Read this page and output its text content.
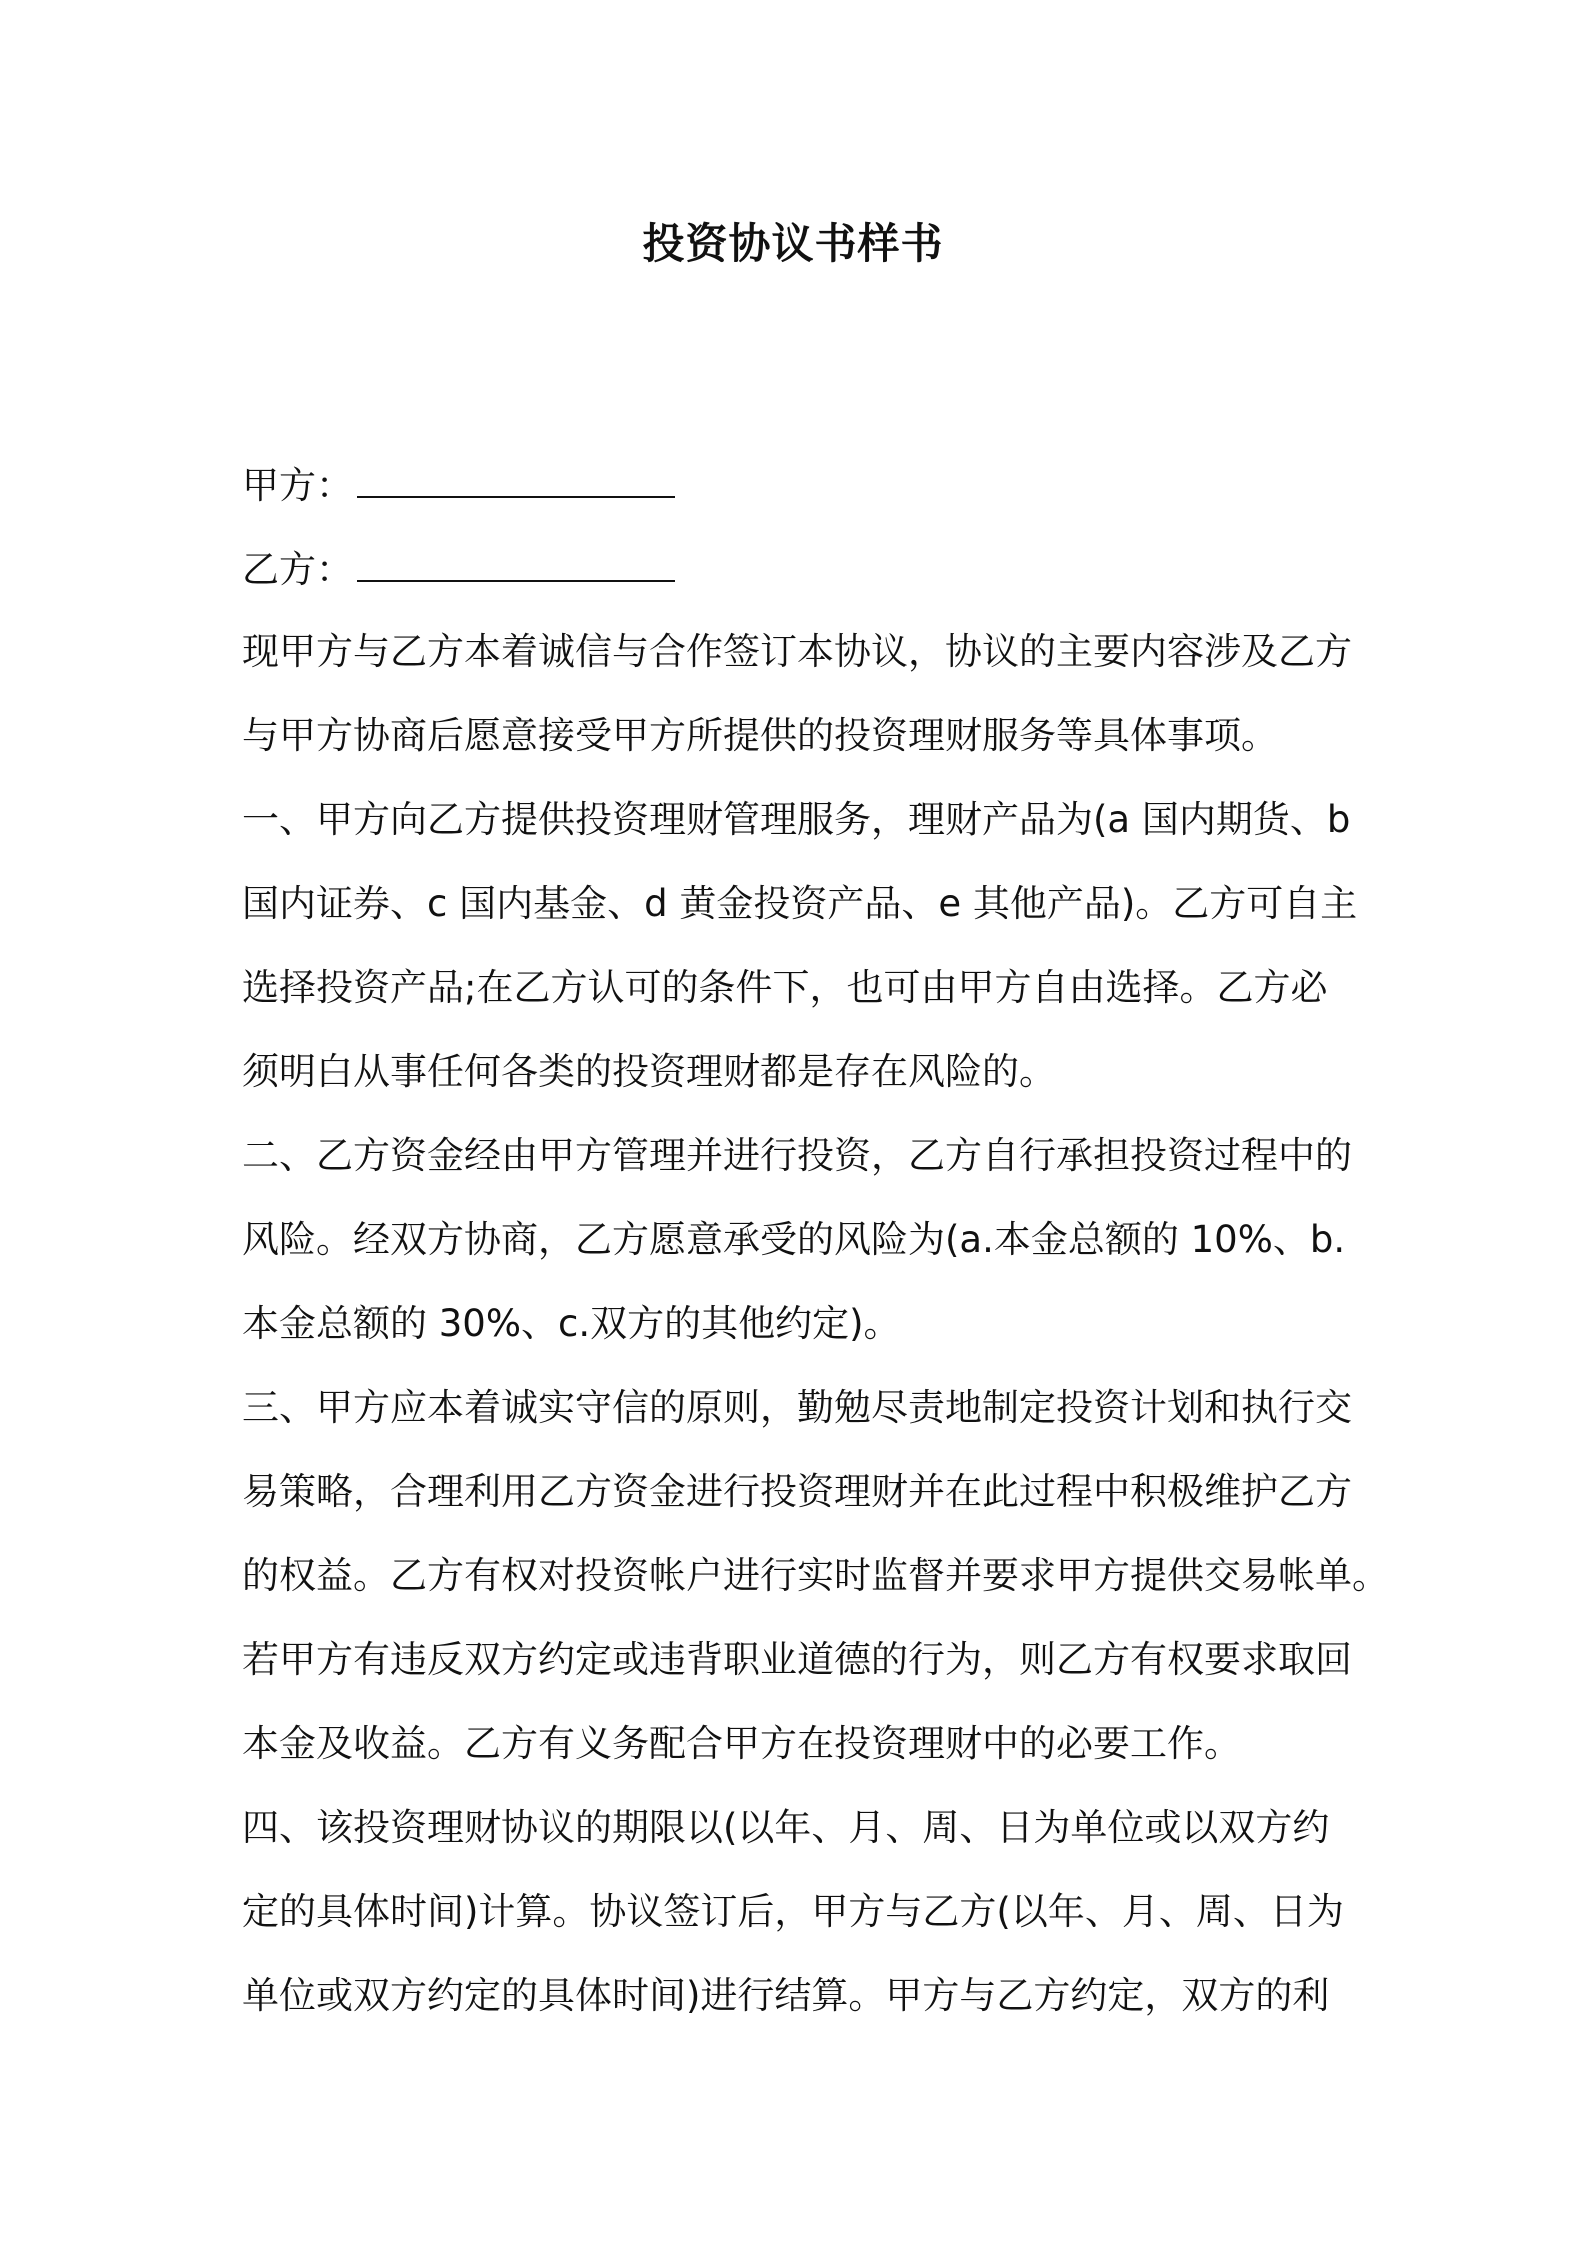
投资协议书样书
甲方：
乙方：
现甲方与乙方本着诚信与合作签订本协议，协议的主要内容涉及乙方
与甲方协商后愿意接受甲方所提供的投资理财服务等具体事项。
一、甲方向乙方提供投资理财管理服务，理财产品为(a 国内期货、b
国内证券、c 国内基金、d 黄金投资产品、e 其他产品)。乙方可自主
选择投资产品;在乙方认可的条件下，也可由甲方自由选择。乙方必
须明白从事任何各类的投资理财都是存在风险的。
二、乙方资金经由甲方管理并进行投资，乙方自行承担投资过程中的
风险。经双方协商，乙方愿意承受的风险为(a.本金总额的 10%、b.
本金总额的 30%、c.双方的其他约定)。
三、甲方应本着诚实守信的原则，勤勉尽责地制定投资计划和执行交
易策略，合理利用乙方资金进行投资理财并在此过程中积极维护乙方
的权益。乙方有权对投资帐户进行实时监督并要求甲方提供交易帐单。
若甲方有违反双方约定或违背职业道德的行为，则乙方有权要求取回
本金及收益。乙方有义务配合甲方在投资理财中的必要工作。
四、该投资理财协议的期限以(以年、月、周、日为单位或以双方约
定的具体时间)计算。协议签订后，甲方与乙方(以年、月、周、日为
单位或双方约定的具体时间)进行结算。甲方与乙方约定，双方的利
